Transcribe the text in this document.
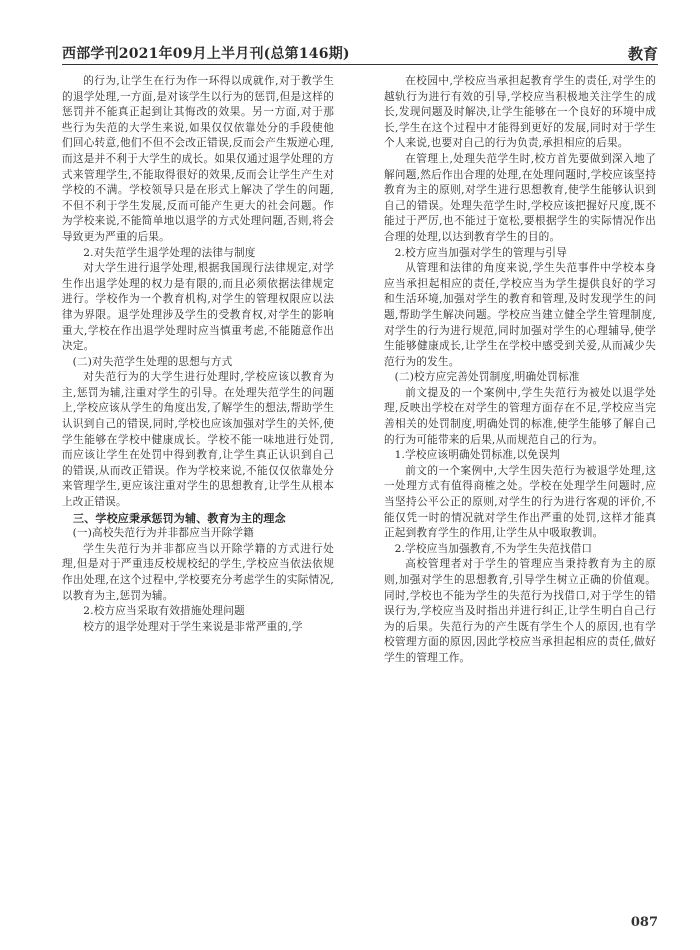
西部学刊2021年09月上半月刊(总第146期)	教育

的行为,让学生在行为作一环得以成就作,对于教学生的退学处理,一方面,是对该学生以行为的惩罚,但是这样的惩罚并不能真正起到让其悔改的效果。另一方面,对于那些行为失范的大学生来说,如果仅仅依靠处分的手段使他们回心转意,他们不但不会改正错误,反而会产生叛逆心理,而这是并不利于大学生的成长。如果仅通过退学处理的方式来管理学生,不能取得很好的效果,反而会让学生产生对学校的不满。学校领导只是在形式上解决了学生的问题,不但不利于学生发展,反而可能产生更大的社会问题。作为学校来说,不能简单地以退学的方式处理问题,否则,将会导致更为严重的后果。

2.对失范学生退学处理的法律与制度

对大学生进行退学处理,根据我国现行法律规定,对学生作出退学处理的权力是有限的,而且必须依据法律规定进行。学校作为一个教育机构,对学生的管理权限应以法律为界限。退学处理涉及学生的受教育权,对学生的影响重大,学校在作出退学处理时应当慎重考虑,不能随意作出决定。

(二)对失范学生处理的思想与方式

对失范行为的大学生进行处理时,学校应该以教育为主,惩罚为辅,注重对学生的引导。在处理失范学生的问题上,学校应该从学生的角度出发,了解学生的想法,帮助学生认识到自己的错误,同时,学校也应该加强对学生的关怀,使学生能够在学校中健康成长。学校不能一味地进行处罚,而应该让学生在处罚中得到教育,让学生真正认识到自己的错误,从而改正错误。作为学校来说,不能仅仅依靠处分来管理学生,更应该注重对学生的思想教育,让学生从根本上改正错误。

三、学校应秉承惩罚为辅、教育为主的理念
(一)高校失范行为并非都应当开除学籍

学生失范行为并非都应当以开除学籍的方式进行处理,但是对于严重违反校规校纪的学生,学校应当依法依规作出处理,在这个过程中,学校要充分考虑学生的实际情况,以教育为主,惩罚为辅。

2.校方应当采取有效措施处理问题

校方的退学处理对于学生来说是非常严重的,学

在校园中,学校应当承担起教育学生的责任,对学生的越轨行为进行有效的引导,学校应当积极地关注学生的成长,发现问题及时解决,让学生能够在一个良好的环境中成长,学生在这个过程中才能得到更好的发展,同时对于学生个人来说,也要对自己的行为负责,承担相应的后果。

在管理上,处理失范学生时,校方首先要做到深入地了解问题,然后作出合理的处理,在处理问题时,学校应该坚持教育为主的原则,对学生进行思想教育,使学生能够认识到自己的错误。处理失范学生时,学校应该把握好尺度,既不能过于严厉,也不能过于宽松,要根据学生的实际情况作出合理的处理,以达到教育学生的目的。

2.校方应当加强对学生的管理与引导

从管理和法律的角度来说,学生失范事件中学校本身应当承担起相应的责任,学校应当为学生提供良好的学习和生活环境,加强对学生的教育和管理,及时发现学生的问题,帮助学生解决问题。学校应当建立健全学生管理制度,对学生的行为进行规范,同时加强对学生的心理辅导,使学生能够健康成长,让学生在学校中感受到关爱,从而减少失范行为的发生。

(二)校方应完善处罚制度,明确处罚标准

前文提及的一个案例中,学生失范行为被处以退学处理,反映出学校在对学生的管理方面存在不足,学校应当完善相关的处罚制度,明确处罚的标准,使学生能够了解自己的行为可能带来的后果,从而规范自己的行为。

1.学校应该明确处罚标准,以免误判

前文的一个案例中,大学生因失范行为被退学处理,这一处理方式有值得商榷之处。学校在处理学生问题时,应当坚持公平公正的原则,对学生的行为进行客观的评价,不能仅凭一时的情况就对学生作出严重的处罚,这样才能真正起到教育学生的作用,让学生从中吸取教训。

2.学校应当加强教育,不为学生失范找借口

高校管理者对于学生的管理应当秉持教育为主的原则,加强对学生的思想教育,引导学生树立正确的价值观。同时,学校也不能为学生的失范行为找借口,对于学生的错误行为,学校应当及时指出并进行纠正,让学生明白自己行为的后果。失范行为的产生既有学生个人的原因,也有学校管理方面的原因,因此学校应当承担起相应的责任,做好学生的管理工作。

087
